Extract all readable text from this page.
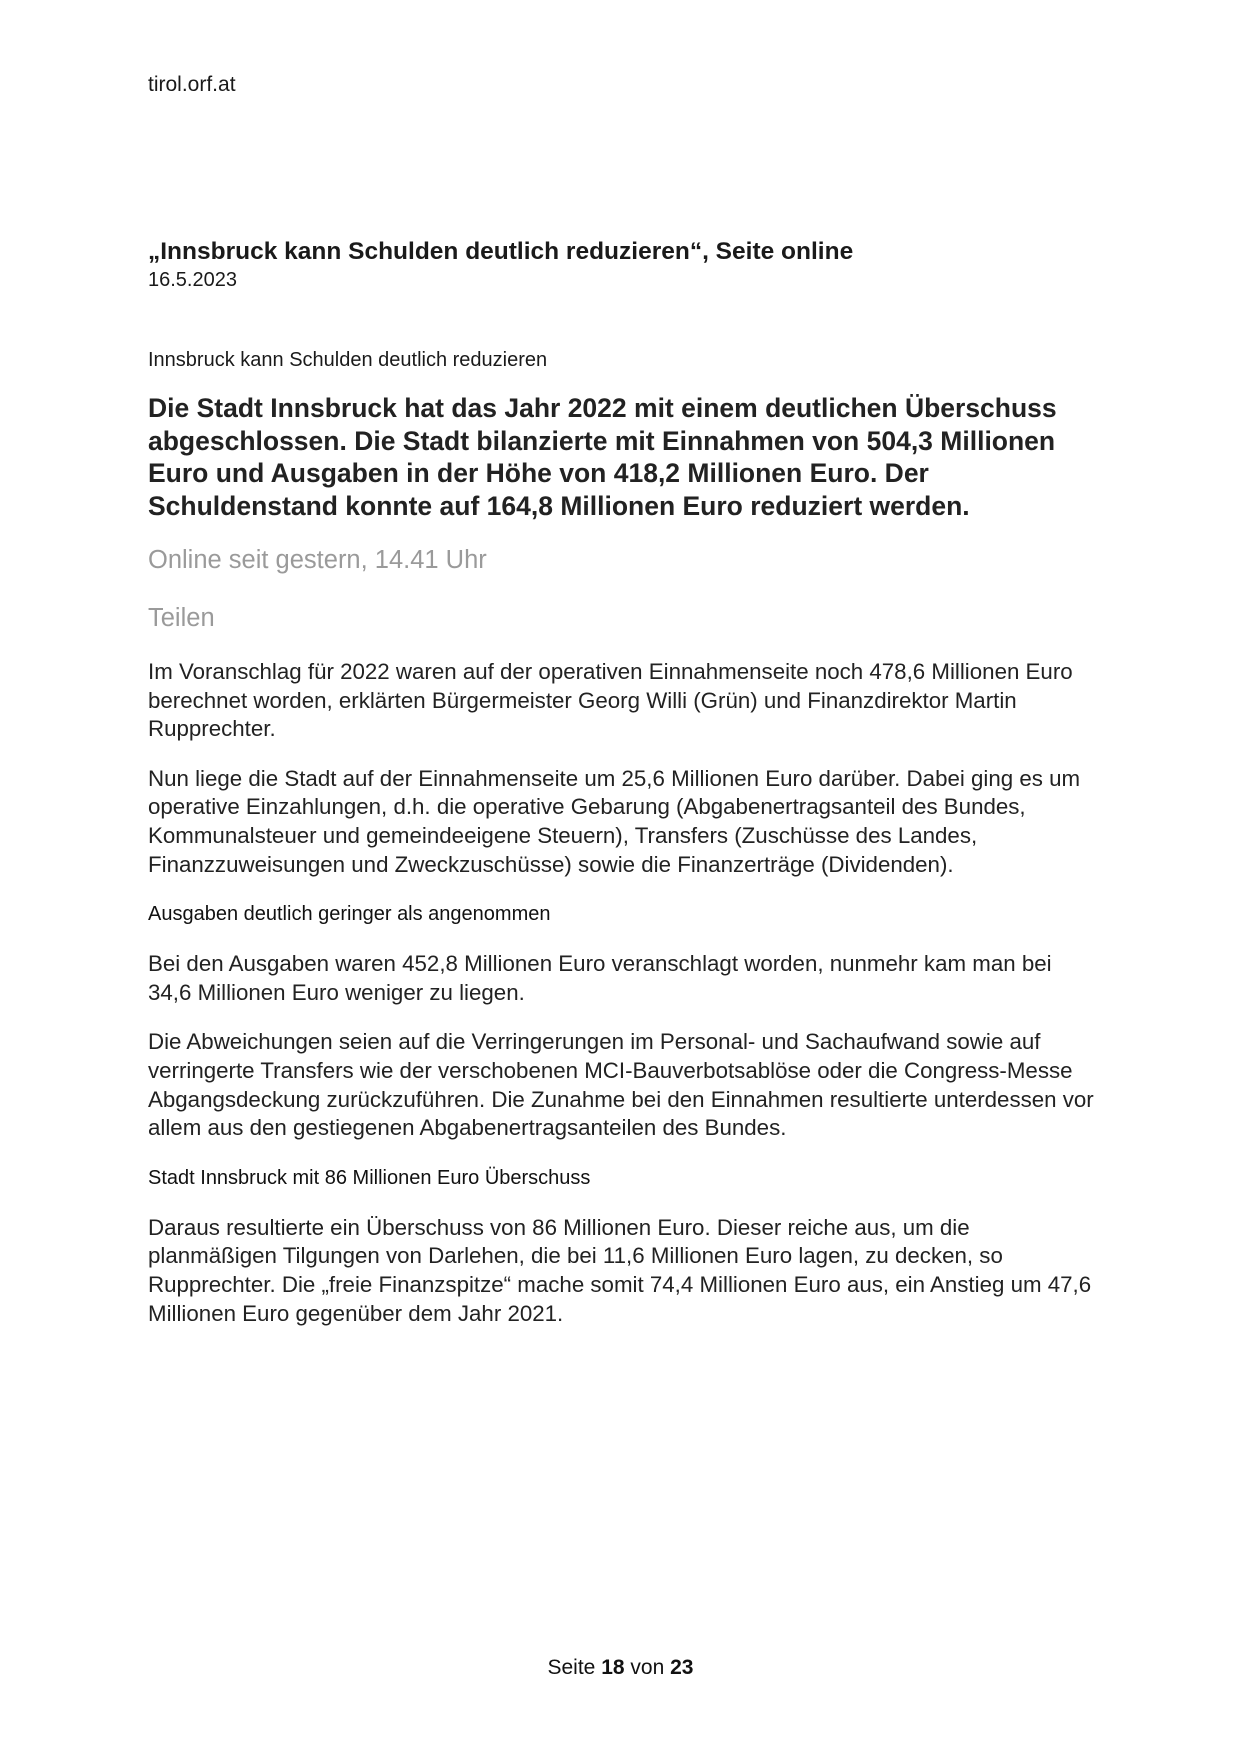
tirol.orf.at
„Innsbruck kann Schulden deutlich reduzieren“, Seite online
16.5.2023

Innsbruck kann Schulden deutlich reduzieren

Die Stadt Innsbruck hat das Jahr 2022 mit einem deutlichen Überschuss abgeschlossen. Die Stadt bilanzierte mit Einnahmen von 504,3 Millionen Euro und Ausgaben in der Höhe von 418,2 Millionen Euro. Der Schuldenstand konnte auf 164,8 Millionen Euro reduziert werden.

Online seit gestern, 14.41 Uhr

Teilen

Im Voranschlag für 2022 waren auf der operativen Einnahmenseite noch 478,6 Millionen Euro berechnet worden, erklärten Bürgermeister Georg Willi (Grün) und Finanzdirektor Martin Rupprechter.

Nun liege die Stadt auf der Einnahmenseite um 25,6 Millionen Euro darüber. Dabei ging es um operative Einzahlungen, d.h. die operative Gebarung (Abgabenertragsanteil des Bundes, Kommunalsteuer und gemeindeeigene Steuern), Transfers (Zuschüsse des Landes, Finanzzuweisungen und Zweckzuschüsse) sowie die Finanzerträge (Dividenden).

Ausgaben deutlich geringer als angenommen

Bei den Ausgaben waren 452,8 Millionen Euro veranschlagt worden, nunmehr kam man bei 34,6 Millionen Euro weniger zu liegen.

Die Abweichungen seien auf die Verringerungen im Personal- und Sachaufwand sowie auf verringerte Transfers wie der verschobenen MCI-Bauverbotsablöse oder die Congress-Messe Abgangsdeckung zurückzuführen. Die Zunahme bei den Einnahmen resultierte unterdessen vor allem aus den gestiegenen Abgabenertragsanteilen des Bundes.

Stadt Innsbruck mit 86 Millionen Euro Überschuss

Daraus resultierte ein Überschuss von 86 Millionen Euro. Dieser reiche aus, um die planmäßigen Tilgungen von Darlehen, die bei 11,6 Millionen Euro lagen, zu decken, so Rupprechter. Die „freie Finanzspitze“ mache somit 74,4 Millionen Euro aus, ein Anstieg um 47,6 Millionen Euro gegenüber dem Jahr 2021.

Seite 18 von 23
